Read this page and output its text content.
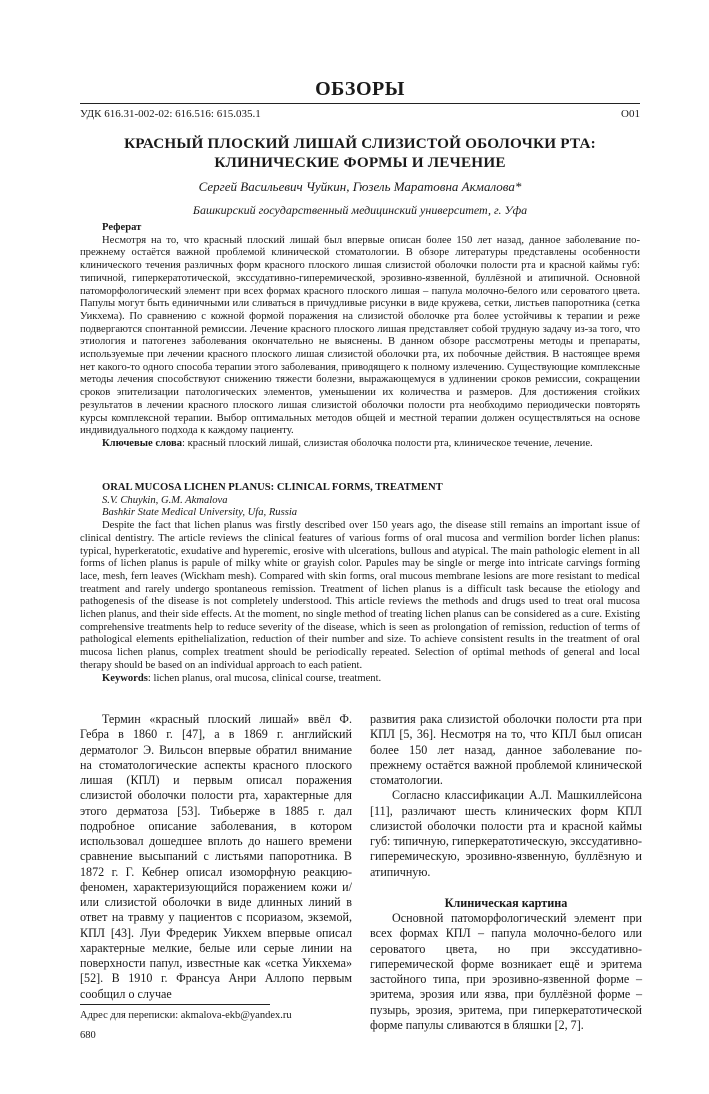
ОБЗОРЫ
УДК 616.31-002-02: 616.516: 615.035.1	О01
КРАСНЫЙ ПЛОСКИЙ ЛИШАЙ СЛИЗИСТОЙ ОБОЛОЧКИ РТА:
КЛИНИЧЕСКИЕ ФОРМЫ И ЛЕЧЕНИЕ
Сергей Васильевич Чуйкин, Гюзель Маратовна Акмалова*
Башкирский государственный медицинский университет, г. Уфа
Реферат

Несмотря на то, что красный плоский лишай был впервые описан более 150 лет назад, данное заболевание по-прежнему остаётся важной проблемой клинической стоматологии. В обзоре литературы представлены особенности клинического течения различных форм красного плоского лишая слизистой оболочки полости рта и красной каймы губ: типичной, гиперкератотической, экссудативно-гиперемической, эрозивно-язвенной, буллёзной и атипичной. Основной патоморфологический элемент при всех формах красного плоского лишая – папула молочно-белого или сероватого цвета. Папулы могут быть единичными или сливаться в причудливые рисунки в виде кружева, сетки, листьев папоротника (сетка Уикхема). По сравнению с кожной формой поражения на слизистой оболочке рта более устойчивы к терапии и реже подвергаются спонтанной ремиссии. Лечение красного плоского лишая представляет собой трудную задачу из-за того, что этиология и патогенез заболевания окончательно не выяснены. В данном обзоре рассмотрены методы и препараты, используемые при лечении красного плоского лишая слизистой оболочки рта, их побочные действия. В настоящее время нет какого-то одного способа терапии этого заболевания, приводящего к полному излечению. Существующие комплексные методы лечения способствуют снижению тяжести болезни, выражающемуся в удлинении сроков ремиссии, сокращении сроков эпителизации патологических элементов, уменьшении их количества и размеров. Для достижения стойких результатов в лечении красного плоского лишая слизистой оболочки полости рта необходимо периодически повторять курсы комплексной терапии. Выбор оптимальных методов общей и местной терапии должен осуществляться на основе индивидуального подхода к каждому пациенту.

Ключевые слова: красный плоский лишай, слизистая оболочка полости рта, клиническое течение, лечение.

ORAL MUCOSA LICHEN PLANUS: CLINICAL FORMS, TREATMENT
S.V. Chuykin, G.M. Akmalova
Bashkir State Medical University, Ufa, Russia

Despite the fact that lichen planus was firstly described over 150 years ago, the disease still remains an important issue of clinical dentistry. The article reviews the clinical features of various forms of oral mucosa and vermilion border lichen planus: typical, hyperkeratotic, exudative and hyperemic, erosive with ulcerations, bullous and atypical. The main pathologic element in all forms of lichen planus is papule of milky white or grayish color. Papules may be single or merge into intricate carvings forming lace, mesh, fern leaves (Wickham mesh). Compared with skin forms, oral mucous membrane lesions are more resistant to medical treatment and rarely undergo spontaneous remission. Treatment of lichen planus is a difficult task because the etiology and pathogenesis of the disease is not completely understood. This article reviews the methods and drugs used to treat oral mucosa lichen planus, and their side effects. At the moment, no single method of treating lichen planus can be considered as a cure. Existing comprehensive treatments help to reduce severity of the disease, which is seen as prolongation of remission, reduction of terms of pathological elements epithelialization, reduction of their number and size. To achieve consistent results in the treatment of oral mucosa lichen planus, complex treatment should be periodically repeated. Selection of optimal methods of general and local therapy should be based on an individual approach to each patient.

Keywords: lichen planus, oral mucosa, clinical course, treatment.

Термин «красный плоский лишай» ввёл Ф. Гебра в 1860 г. [47], а в 1869 г. английский дерматолог Э. Вильсон впервые обратил внимание на стоматологические аспекты красного плоского лишая (КПЛ) и первым описал поражения слизистой оболочки полости рта, характерные для этого дерматоза [53]. Тибьерже в 1885 г. дал подробное описание заболевания, в котором использовал дошедшее вплоть до нашего времени сравнение высыпаний с листьями папоротника. В 1872 г. Г. Кебнер описал изоморфную реакцию-феномен, характеризующийся поражением кожи и/или слизистой оболочки в виде длинных линий в ответ на травму у пациентов с псориазом, экземой, КПЛ [43]. Луи Фредерик Уикхем впервые описал характерные мелкие, белые или серые линии на поверхности папул, известные как «сетка Уикхема» [52]. В 1910 г. Франсуа Анри Аллопо первым сообщил о случае

развития рака слизистой оболочки полости рта при КПЛ [5, 36]. Несмотря на то, что КПЛ был описан более 150 лет назад, данное заболевание по-прежнему остаётся важной проблемой клинической стоматологии.

Согласно классификации А.Л. Машкиллейсона [11], различают шесть клинических форм КПЛ слизистой оболочки полости рта и красной каймы губ: типичную, гиперкератотическую, экссудативно-гиперемическую, эрозивно-язвенную, буллёзную и атипичную.

Клиническая картина

Основной патоморфологический элемент при всех формах КПЛ – папула молочно-белого или сероватого цвета, но при экссудативно-гиперемической форме возникает ещё и эритема застойного типа, при эрозивно-язвенной форме – эритема, эрозия или язва, при буллёзной форме – пузырь, эрозия, эритема, при гиперкератотической форме папулы сливаются в бляшки [2, 7].

Адрес для переписки: akmalova-ekb@yandex.ru
680
